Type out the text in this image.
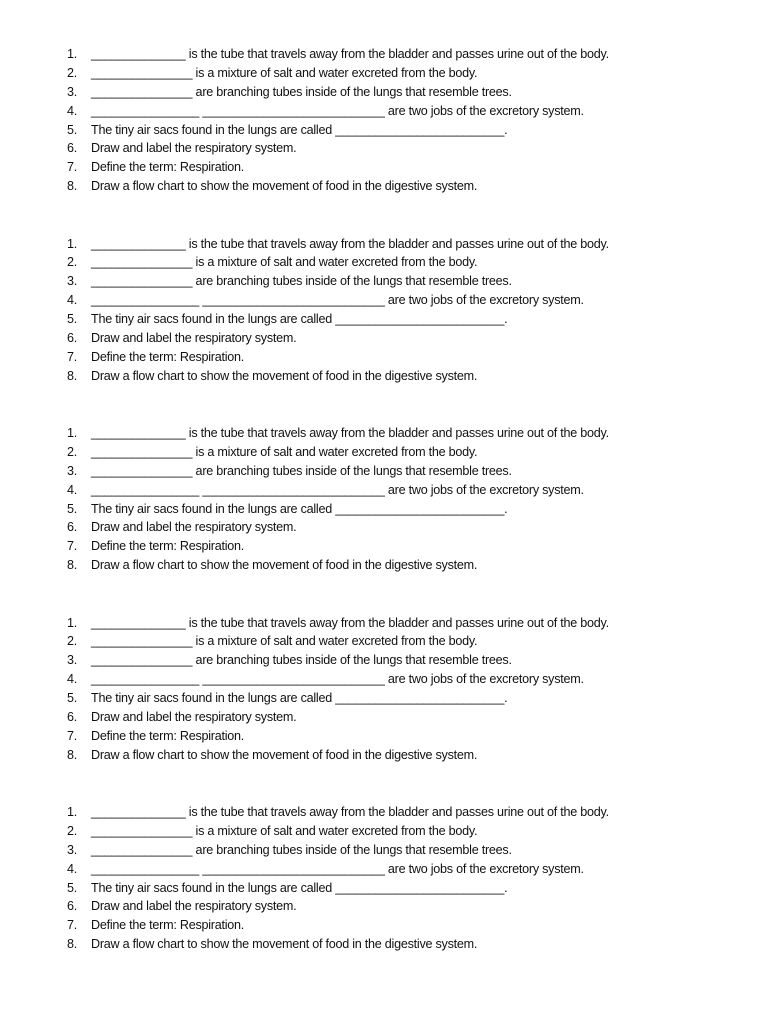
1.	______________ is the tube that travels away from the bladder and passes urine out of the body.
2.	_______________ is a mixture of salt and water excreted from the body.
3.	_______________ are branching tubes inside of the lungs that resemble trees.
4.	________________ ___________________________ are two jobs of the excretory system.
5.	The tiny air sacs found in the lungs are called _________________________.
6.	Draw and label the respiratory system.
7.	Define the term: Respiration.
8.	Draw a flow chart to show the movement of food in the digestive system.
1.	______________ is the tube that travels away from the bladder and passes urine out of the body.
2.	_______________ is a mixture of salt and water excreted from the body.
3.	_______________ are branching tubes inside of the lungs that resemble trees.
4.	________________ ___________________________ are two jobs of the excretory system.
5.	The tiny air sacs found in the lungs are called _________________________.
6.	Draw and label the respiratory system.
7.	Define the term: Respiration.
8.	Draw a flow chart to show the movement of food in the digestive system.
1.	______________ is the tube that travels away from the bladder and passes urine out of the body.
2.	_______________ is a mixture of salt and water excreted from the body.
3.	_______________ are branching tubes inside of the lungs that resemble trees.
4.	________________ ___________________________ are two jobs of the excretory system.
5.	The tiny air sacs found in the lungs are called _________________________.
6.	Draw and label the respiratory system.
7.	Define the term: Respiration.
8.	Draw a flow chart to show the movement of food in the digestive system.
1.	______________ is the tube that travels away from the bladder and passes urine out of the body.
2.	_______________ is a mixture of salt and water excreted from the body.
3.	_______________ are branching tubes inside of the lungs that resemble trees.
4.	________________ ___________________________ are two jobs of the excretory system.
5.	The tiny air sacs found in the lungs are called _________________________.
6.	Draw and label the respiratory system.
7.	Define the term: Respiration.
8.	Draw a flow chart to show the movement of food in the digestive system.
1.	______________ is the tube that travels away from the bladder and passes urine out of the body.
2.	_______________ is a mixture of salt and water excreted from the body.
3.	_______________ are branching tubes inside of the lungs that resemble trees.
4.	________________ ___________________________ are two jobs of the excretory system.
5.	The tiny air sacs found in the lungs are called _________________________.
6.	Draw and label the respiratory system.
7.	Define the term: Respiration.
8.	Draw a flow chart to show the movement of food in the digestive system.
